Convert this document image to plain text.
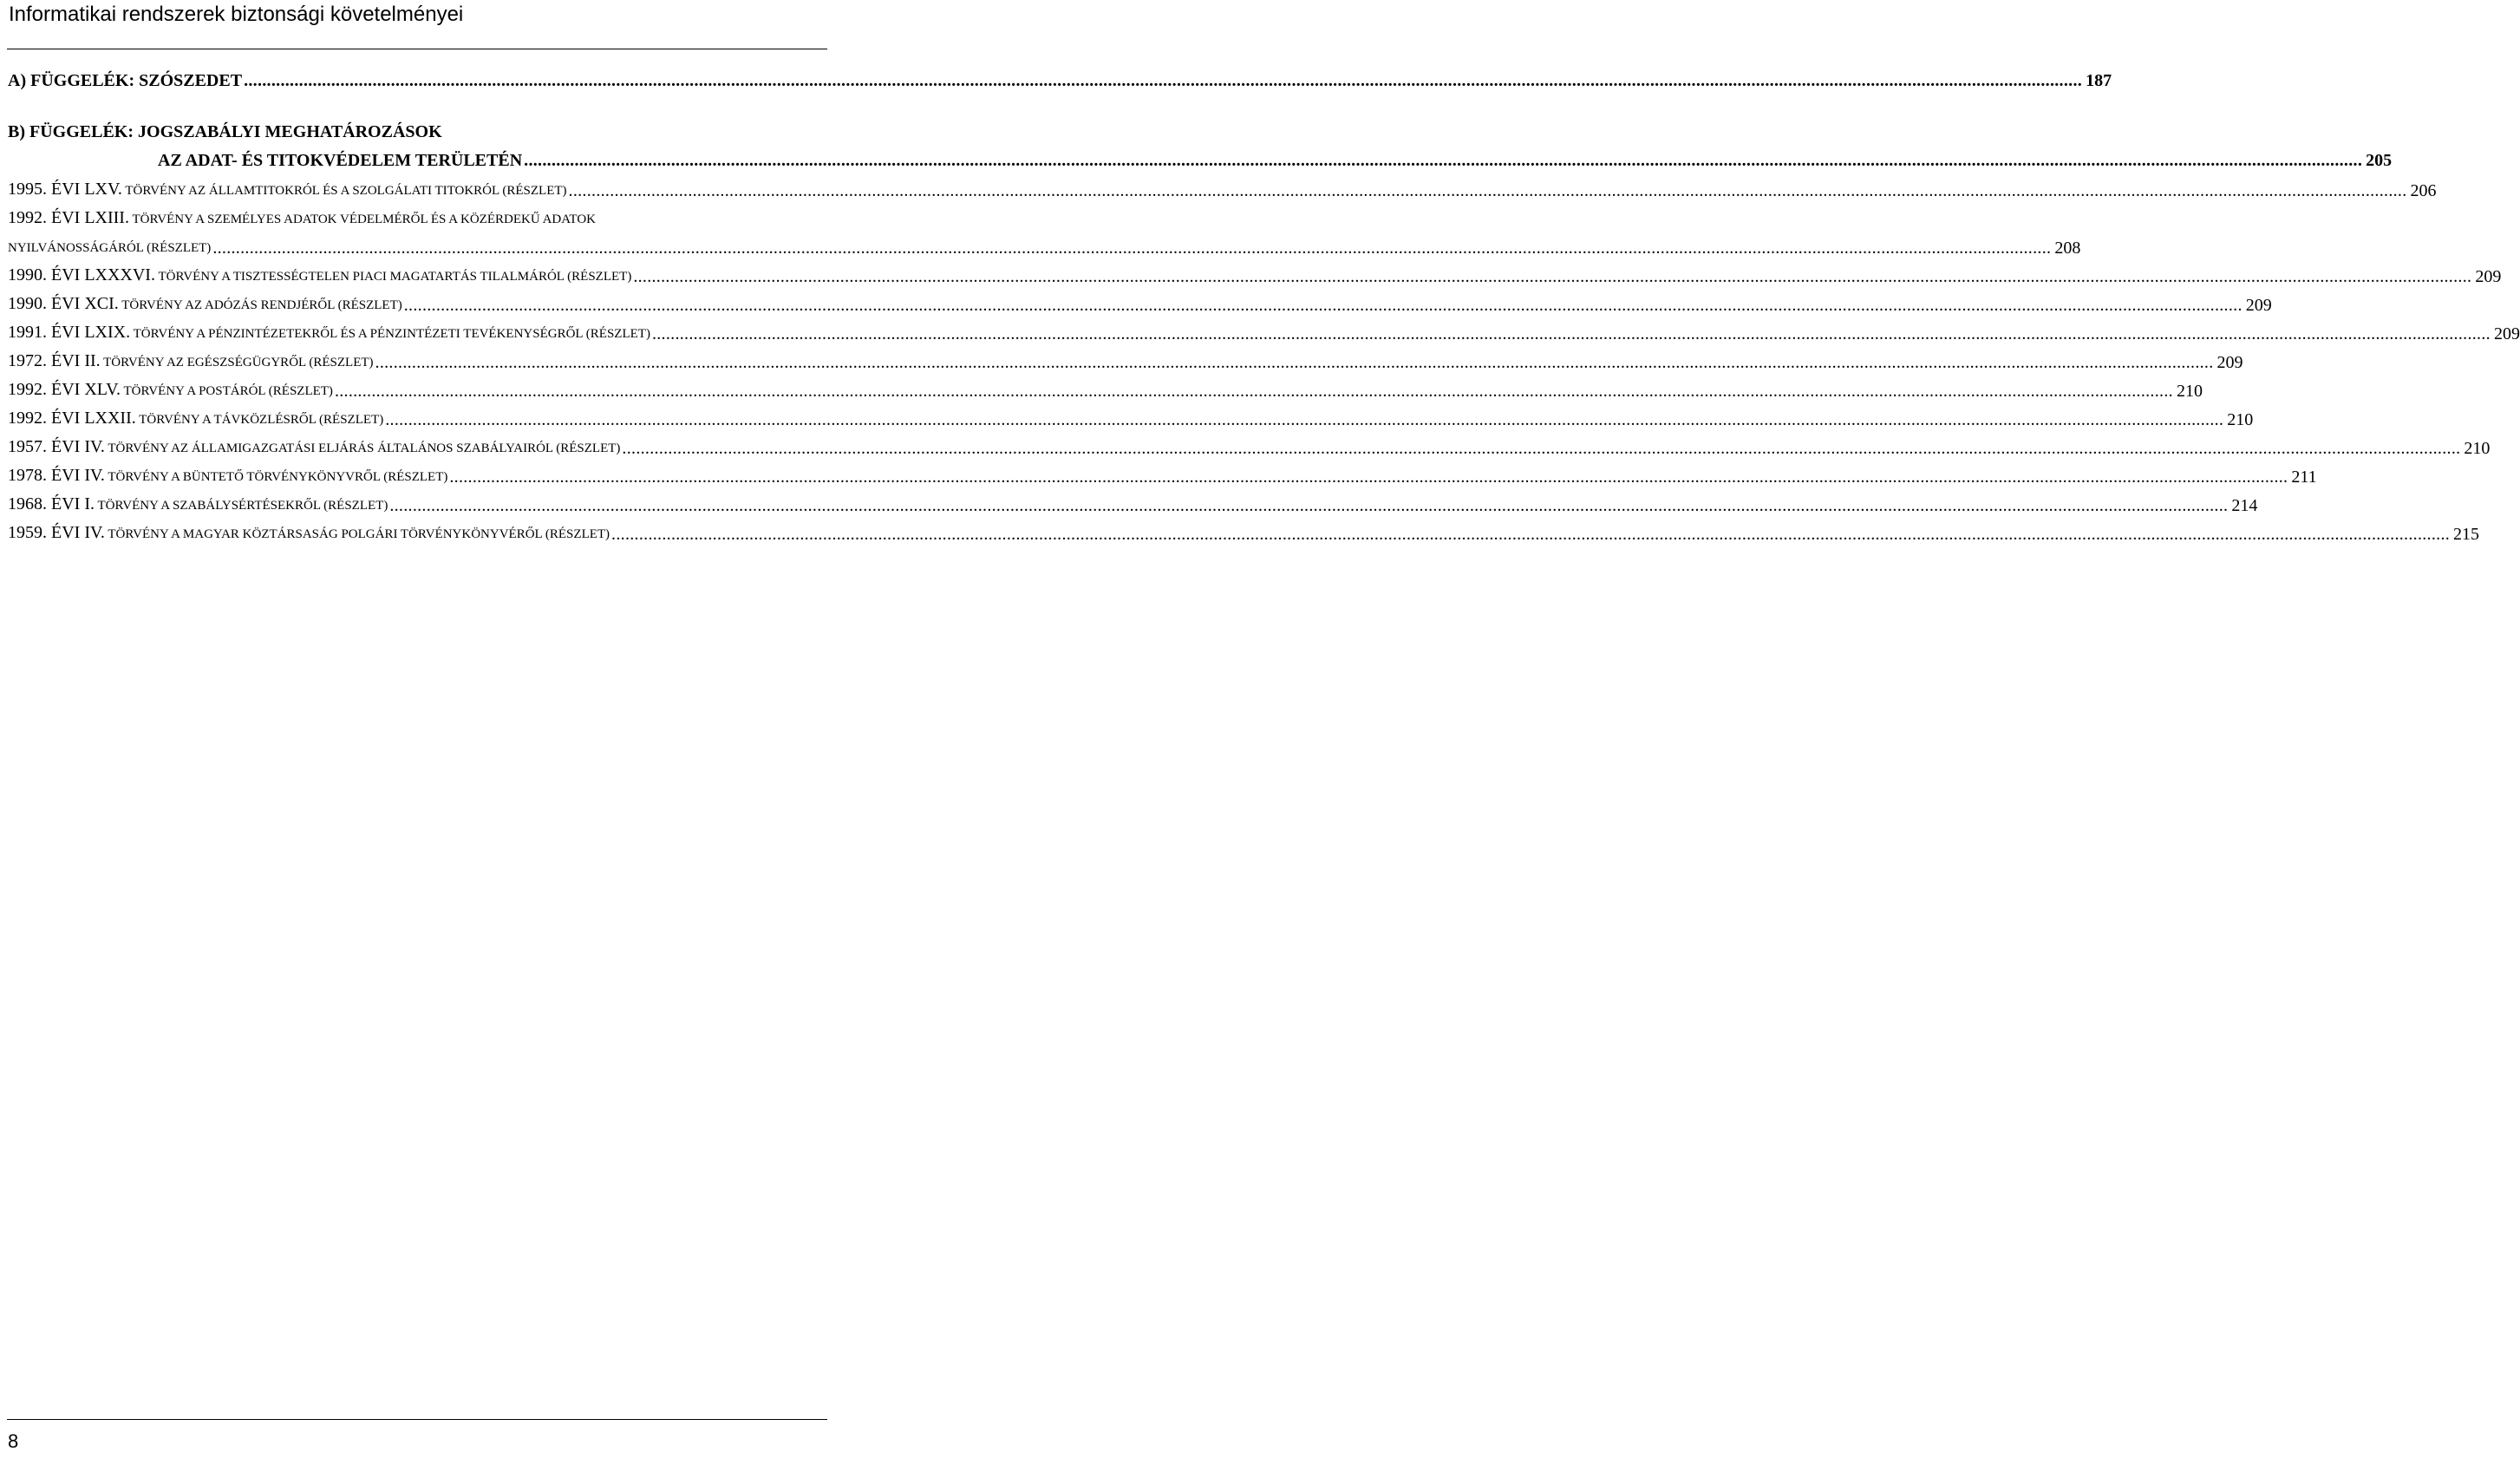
Informatikai rendszerek biztonsági követelményei
A) FÜGGELÉK: SZÓSZEDET ................................................................................................................................................................................................................................................................................................................................................................................................................ 187
B) FÜGGELÉK: JOGSZABÁLYI MEGHATÁROZÁSOK
AZ ADAT- ÉS TITOKVÉDELEM TERÜLETÉN ................................................................................................................................................................................................................................................................................................................................................................................................................ 205
1995. ÉVI LXV. TÖRVÉNY AZ ÁLLAMTITOKRÓL ÉS A SZOLGÁLATI TITOKRÓL (RÉSZLET) ................................................................................................................................................................................................................................................................................................................................................................................................................ 206
1992. ÉVI LXIII. TÖRVÉNY A SZEMÉLYES ADATOK VÉDELMÉRŐL ÉS A KÖZÉRDEKŰ ADATOK
NYILVÁNOSSÁGÁRÓL (RÉSZLET) ................................................................................................................................................................................................................................................................................................................................................................................................................ 208
1990. ÉVI LXXXVI. TÖRVÉNY A TISZTESSÉGTELEN PIACI MAGATARTÁS TILALMÁRÓL (RÉSZLET) ................................................................................................................................................................................................................................................................................................................................................................................................................ 209
1990. ÉVI XCI. TÖRVÉNY AZ ADÓZÁS RENDJÉRŐL (RÉSZLET) ................................................................................................................................................................................................................................................................................................................................................................................................................ 209
1991. ÉVI LXIX. TÖRVÉNY A PÉNZINTÉZETEKRŐL ÉS A PÉNZINTÉZETI TEVÉKENYSÉGRŐL (RÉSZLET) ................................................................................................................................................................................................................................................................................................................................................................................................................ 209
1972. ÉVI II. TÖRVÉNY AZ EGÉSZSÉGÜGYRŐL (RÉSZLET) ................................................................................................................................................................................................................................................................................................................................................................................................................ 209
1992. ÉVI XLV. TÖRVÉNY A POSTÁRÓL (RÉSZLET) ................................................................................................................................................................................................................................................................................................................................................................................................................ 210
1992. ÉVI LXXII. TÖRVÉNY A TÁVKÖZLÉSRŐL (RÉSZLET) ................................................................................................................................................................................................................................................................................................................................................................................................................ 210
1957. ÉVI IV. TÖRVÉNY AZ ÁLLAMIGAZGATÁSI ELJÁRÁS ÁLTALÁNOS SZABÁLYAIRÓL (RÉSZLET) ................................................................................................................................................................................................................................................................................................................................................................................................................ 210
1978. ÉVI IV. TÖRVÉNY A BÜNTETŐ TÖRVÉNYKÖNYVRŐL (RÉSZLET) ................................................................................................................................................................................................................................................................................................................................................................................................................ 211
1968. ÉVI I. TÖRVÉNY A SZABÁLYSÉRTÉSEKRŐL (RÉSZLET) ................................................................................................................................................................................................................................................................................................................................................................................................................ 214
1959. ÉVI IV. TÖRVÉNY A MAGYAR KÖZTÁRSASÁG POLGÁRI TÖRVÉNYKÖNYVÉRŐL (RÉSZLET) ................................................................................................................................................................................................................................................................................................................................................................................................................ 215
8
